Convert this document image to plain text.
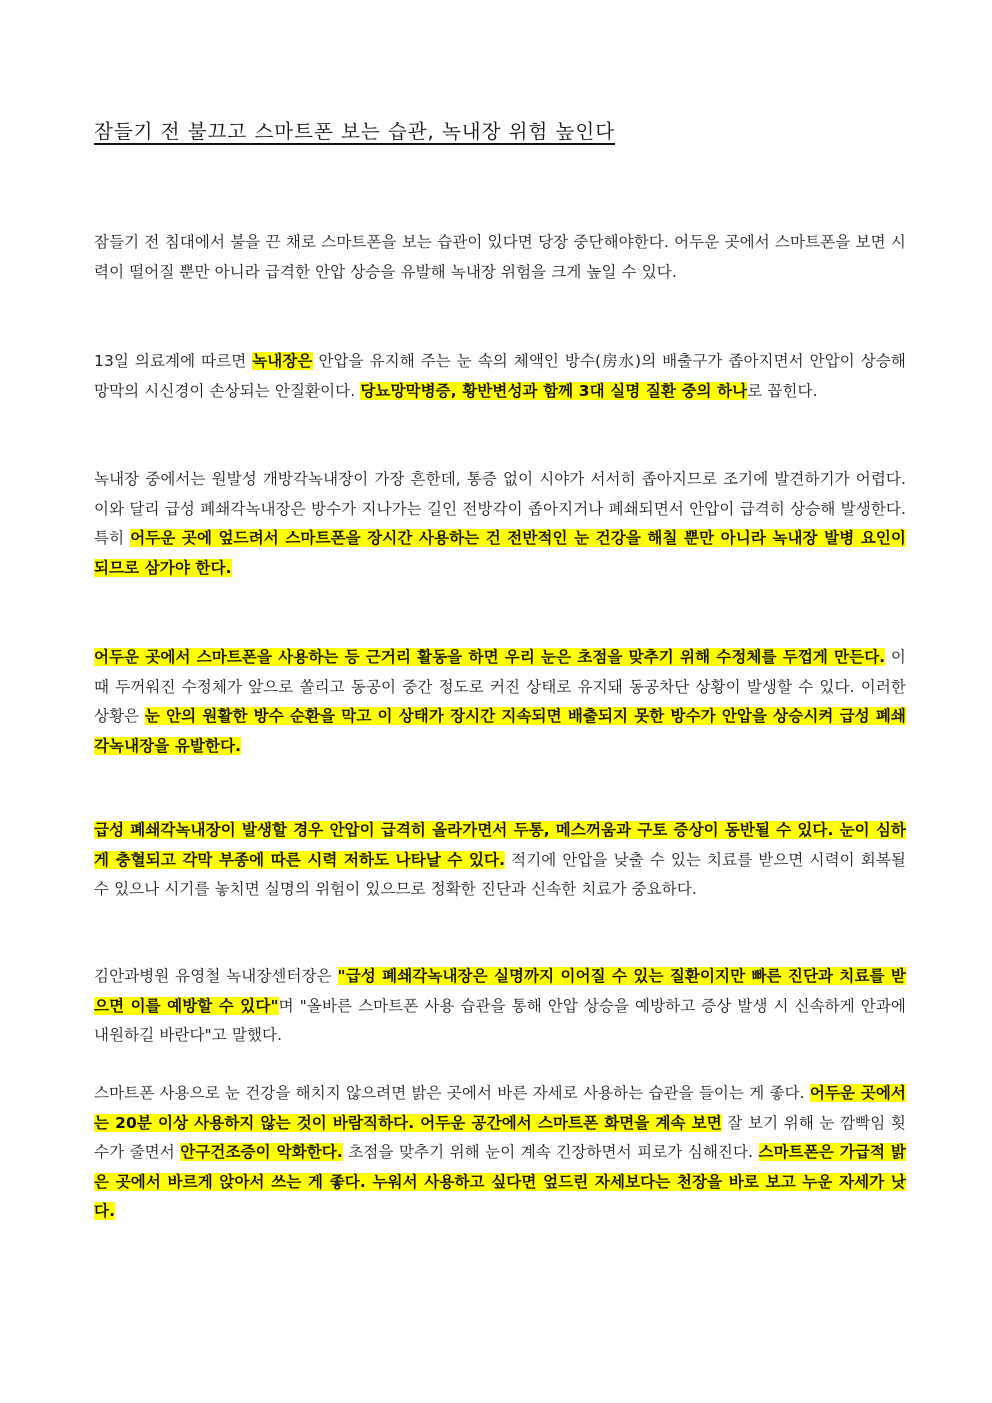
잠들기 전 불끄고 스마트폰 보는 습관, 녹내장 위험 높인다

잠들기 전 침대에서 불을 끈 채로 스마트폰을 보는 습관이 있다면 당장 중단해야한다. 어두운 곳에서 스마트폰을 보면 시력이 떨어질 뿐만 아니라 급격한 안압 상승을 유발해 녹내장 위험을 크게 높일 수 있다.

13일 의료계에 따르면 녹내장은 안압을 유지해 주는 눈 속의 체액인 방수(房水)의 배출구가 좁아지면서 안압이 상승해 망막의 시신경이 손상되는 안질환이다. 당뇨망막병증, 황반변성과 함께 3대 실명 질환 중의 하나로 꼽힌다.

녹내장 중에서는 원발성 개방각녹내장이 가장 흔한데, 통증 없이 시야가 서서히 좁아지므로 조기에 발견하기가 어렵다. 이와 달리 급성 폐쇄각녹내장은 방수가 지나가는 길인 전방각이 좁아지거나 폐쇄되면서 안압이 급격히 상승해 발생한다. 특히 어두운 곳에 엎드려서 스마트폰을 장시간 사용하는 건 전반적인 눈 건강을 해칠 뿐만 아니라 녹내장 발병 요인이 되므로 삼가야 한다.

어두운 곳에서 스마트폰을 사용하는 등 근거리 활동을 하면 우리 눈은 초점을 맞추기 위해 수정체를 두껍게 만든다. 이때 두꺼워진 수정체가 앞으로 쏠리고 동공이 중간 정도로 커진 상태로 유지돼 동공차단 상황이 발생할 수 있다. 이러한 상황은 눈 안의 원활한 방수 순환을 막고 이 상태가 장시간 지속되면 배출되지 못한 방수가 안압을 상승시켜 급성 폐쇄각녹내장을 유발한다.

급성 폐쇄각녹내장이 발생할 경우 안압이 급격히 올라가면서 두통, 메스꺼움과 구토 증상이 동반될 수 있다. 눈이 심하게 충혈되고 각막 부종에 따른 시력 저하도 나타날 수 있다. 적기에 안압을 낮출 수 있는 치료를 받으면 시력이 회복될 수 있으나 시기를 놓치면 실명의 위험이 있으므로 정확한 진단과 신속한 치료가 중요하다.

김안과병원 유영철 녹내장센터장은 "급성 폐쇄각녹내장은 실명까지 이어질 수 있는 질환이지만 빠른 진단과 치료를 받으면 이를 예방할 수 있다"며 "올바른 스마트폰 사용 습관을 통해 안압 상승을 예방하고 증상 발생 시 신속하게 안과에 내원하길 바란다"고 말했다.

스마트폰 사용으로 눈 건강을 해치지 않으려면 밝은 곳에서 바른 자세로 사용하는 습관을 들이는 게 좋다. 어두운 곳에서는 20분 이상 사용하지 않는 것이 바람직하다. 어두운 공간에서 스마트폰 화면을 계속 보면 잘 보기 위해 눈 깜빡임 횟수가 줄면서 안구건조증이 악화한다. 초점을 맞추기 위해 눈이 계속 긴장하면서 피로가 심해진다. 스마트폰은 가급적 밝은 곳에서 바르게 앉아서 쓰는 게 좋다. 누워서 사용하고 싶다면 엎드린 자세보다는 천장을 바로 보고 누운 자세가 낫다.
